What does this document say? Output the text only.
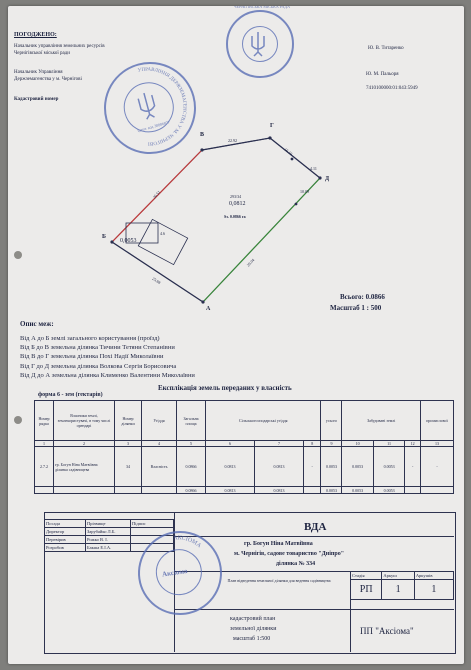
ПОГОДЖЕНО:
Начальник управління земельних ресурсів
Чернігівської міської ради
Ю. В. Титаренко
Начальник Управління
Держземагенства у м. Чернігові
Ю. М. Пальоря
7410100000:01:043:5949
Кадастровий номер
ЧЕРНІГІВСЬКА МІСЬКА РАДА
УПРАВЛІННЯ ДЕРЖЗЕМАГЕНСТВА У М. ЧЕРНІГОВІ
Ідент. код 38886877
В
Г
Д
А
Б
26.51
22.92
16.10
4.11
10.09
29.04
25.88
4.6
293/34
0,0812
Sз. 0.0866 га
0,0053
Всього: 0.0866
Масштаб 1 : 500
Опис меж:
Від А до Б землі загального користування (проїзд)
Від Б до В земельна ділянка Тичини Тетяни Степанівни
Від В до Г земельна ділянка Похі Надії Миколаївни
Від Г до Д земельна ділянка Волкова Сергія Борисовича
Від Д до А земельна ділянка Клименко Валентини Миколаївни
Експлікація земель переданих у власність
форма 6 - зем (гектарів)
Номер рядка	Власники землі, землекористувачі, в тому числі орендарі	Номер ділянки	Угіддя	Загальна площа	Сільськогосподарські угіддя			усього	Забудовані землі			промислової
1	2	3	4	5	6	7	8	9	10	11	12	13
2.7.2	гр. Богун Ніна Матвіївна
ділянка садівництва	34	Власність	0.0866	0.0813	0.0813	-	0.0053	0.0053	0.0053	-	-
				0.0866	0.0813	0.0813		0.0053	0.0053	0.0053		
ВДА
гр. Богун Ніна Матвіївна
м. Чернігів, садове товариство "Дніпро"
ділянка № 334
План відведення земельної ділянки для ведення садівництва
Стадія	Аркуш	Аркушів
РП	1	1
кадастровий план
земельної ділянки
масштаб 1:500
ПП "Аксіома"
Посада	Прізвище	Підпис
Директор	Зарубайко Л.Б.	
Перевірив	Рожко В. І.	
Розробив	Бакша Е.І.А.	
АКСІОМА
Аксіома
